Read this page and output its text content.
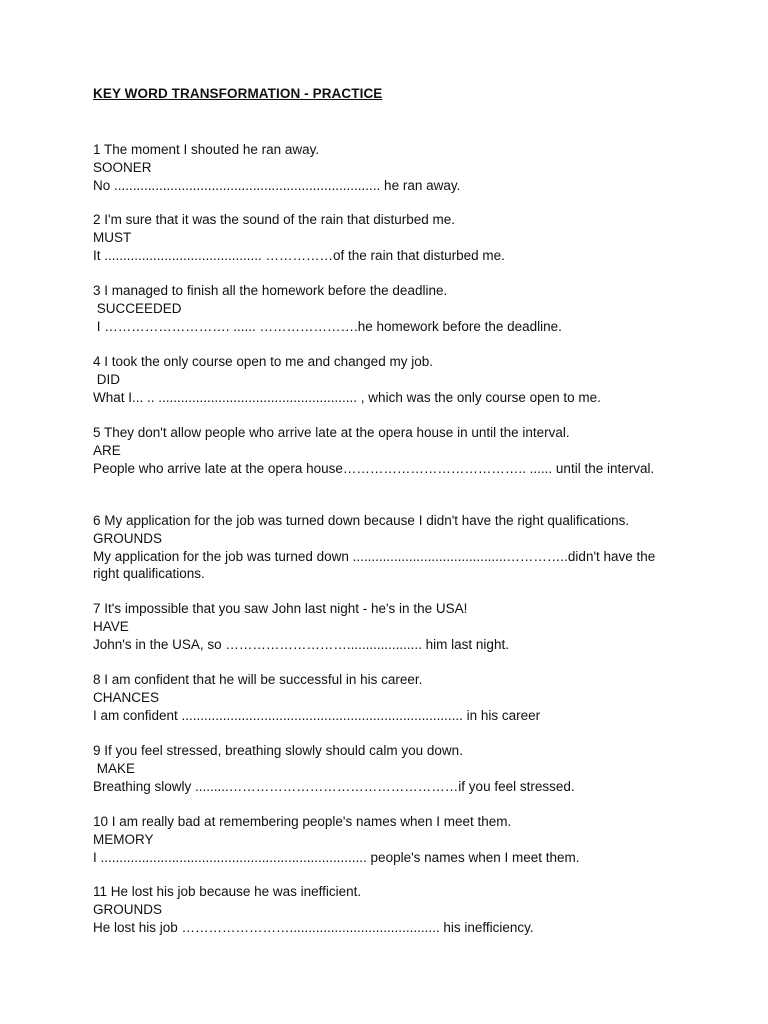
KEY WORD TRANSFORMATION - PRACTICE
1 The moment I shouted he ran away.
SOONER
No ....................................................................... he ran away.
2 I'm sure that it was the sound of the rain that disturbed me.
MUST
It .......................................... ……………of the rain that disturbed me.
3 I managed to finish all the homework before the deadline.
SUCCEEDED
I ………………………. ...... ………………….he homework before the deadline.
4 I took the only course open to me and changed my job.
DID
What I... .. ..................................................... , which was the only course open to me.
5 They don't allow people who arrive late at the opera house in until the interval.
ARE
People who arrive late at the opera house………………………………….. ...... until the interval.
6 My application for the job was turned down because I didn't have the right qualifications.
GROUNDS
My application for the job was turned down .........................................…………..didn't have the right qualifications.
7 It's impossible that you saw John last night - he's in the USA!
HAVE
John's in the USA, so ……………………….................... him last night.
8 I am confident that he will be successful in his career.
CHANCES
I am confident ........................................................................... in his career
9 If you feel stressed, breathing slowly should calm you down.
MAKE
Breathing slowly .........……………………………………………if you feel stressed.
10 I am really bad at remembering people's names when I meet them.
MEMORY
I ....................................................................... people's names when I meet them.
11 He lost his job because he was inefficient.
GROUNDS
He lost his job ……………………........................................ his inefficiency.
